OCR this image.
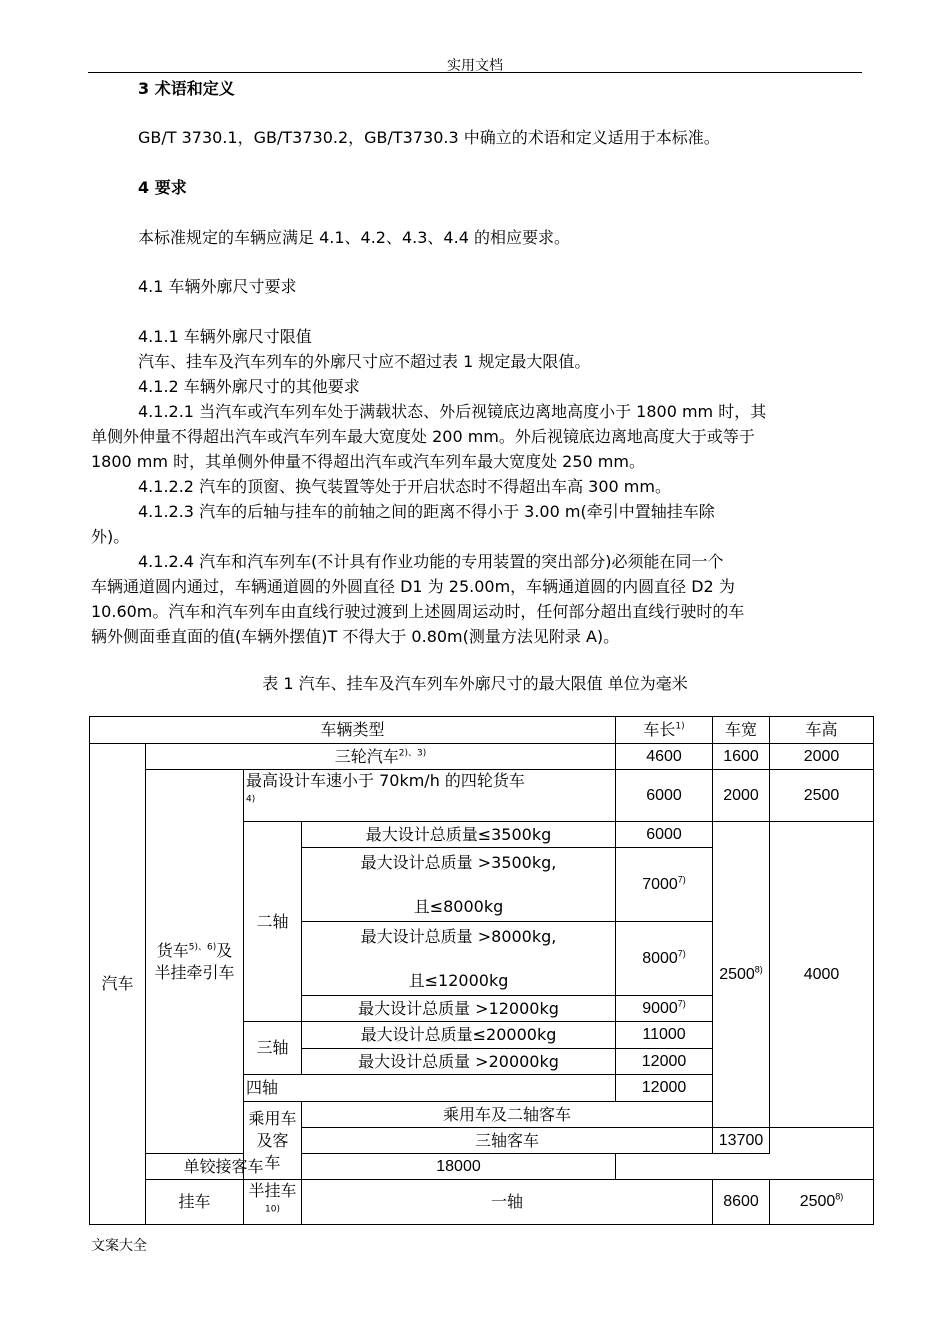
实用文档
3 术语和定义
GB/T 3730.1，GB/T3730.2，GB/T3730.3 中确立的术语和定义适用于本标准。
4 要求
本标准规定的车辆应满足 4.1、4.2、4.3、4.4 的相应要求。
4.1 车辆外廓尺寸要求
4.1.1 车辆外廓尺寸限值
汽车、挂车及汽车列车的外廓尺寸应不超过表 1 规定最大限值。
4.1.2 车辆外廓尺寸的其他要求
4.1.2.1 当汽车或汽车列车处于满载状态、外后视镜底边离地高度小于 1800 mm 时，其
单侧外伸量不得超出汽车或汽车列车最大宽度处 200 mm。外后视镜底边离地高度大于或等于
1800 mm 时，其单侧外伸量不得超出汽车或汽车列车最大宽度处 250 mm。
4.1.2.2 汽车的顶窗、换气装置等处于开启状态时不得超出车高 300 mm。
4.1.2.3 汽车的后轴与挂车的前轴之间的距离不得小于 3.00 m(牵引中置轴挂车除
外)。
4.1.2.4 汽车和汽车列车(不计具有作业功能的专用装置的突出部分)必须能在同一个
车辆通道圆内通过，车辆通道圆的外圆直径 D1 为 25.00m，车辆通道圆的内圆直径 D2 为
10.60m。汽车和汽车列车由直线行驶过渡到上述圆周运动时，任何部分超出直线行驶时的车
辆外侧面垂直面的值(车辆外摆值)T 不得大于 0.80m(测量方法见附录 A)。
表 1 汽车、挂车及汽车列车外廓尺寸的最大限值 单位为毫米
车辆类型				车长$^{1)}$	车宽	车高	
汽车	三轮汽车$^{2)、3)}$			4600	1600	2000	
	货车$^{5)、6)}$及
半挂牵引车	最高设计车速小于 70km/h 的四轮货车
$^{4)}$		6000	2000	2500	
		二轴	最大设计总质量≤3500kg	6000	2500$^{8)}$	4000	
			最大设计总质量 >3500kg,

且≤8000kg	7000$^{7)}$
			最大设计总质量 >8000kg,

且≤12000kg	8000$^{7)}$
			最大设计总质量 >12000kg	9000$^{7)}$
		三轴	最大设计总质量≤20000kg	11000			
			最大设计总质量 >20000kg	12000			
		四轴		12000			
		乘用车及客
车	乘用车及二轴客车			
			三轴客车		13700		
	单铰接客车		18000				
	挂车	半挂车$^{10)}$	一轴		8600	2500$^{8)}$	
文案大全
